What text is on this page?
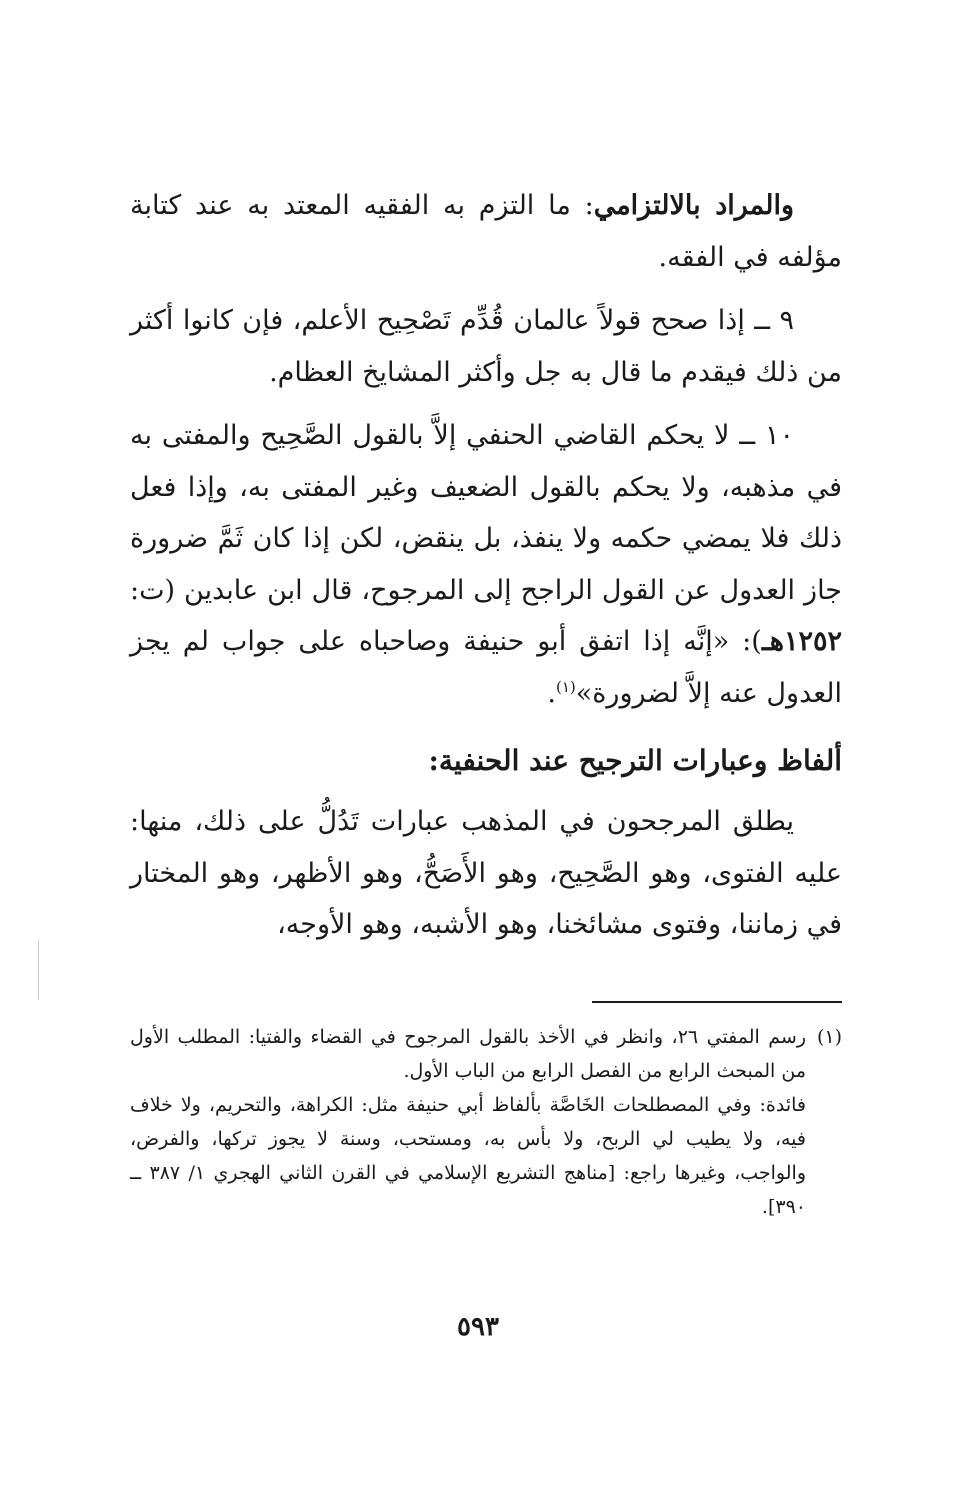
والمراد بالالتزامي: ما التزم به الفقيه المعتد به عند كتابة مؤلفه في الفقه.

٩ ــ إذا صحح قولاً عالمان قُدِّم تَصْحِيح الأعلم، فإن كانوا أكثر من ذلك فيقدم ما قال به جل وأكثر المشايخ العظام.

١٠ ــ لا يحكم القاضي الحنفي إلاَّ بالقول الصَّحِيح والمفتى به في مذهبه، ولا يحكم بالقول الضعيف وغير المفتى به، وإذا فعل ذلك فلا يمضي حكمه ولا ينفذ، بل ينقض، لكن إذا كان ثَمَّ ضرورة جاز العدول عن القول الراجح إلى المرجوح، قال ابن عابدين (ت: ١٢٥٢هـ): «إنَّه إذا اتفق أبو حنيفة وصاحباه على جواب لم يجز العدول عنه إلاَّ لضرورة»$^{(١)}$.

ألفاظ وعبارات الترجيح عند الحنفية:

يطلق المرجحون في المذهب عبارات تَدُلُّ على ذلك، منها: عليه الفتوى، وهو الصَّحِيح، وهو الأَصَحُّ، وهو الأظهر، وهو المختار في زماننا، وفتوى مشائخنا، وهو الأشبه، وهو الأوجه،

(١)
رسم المفتي ٢٦، وانظر في الأخذ بالقول المرجوح في القضاء والفتيا: المطلب الأول من المبحث الرابع من الفصل الرابع من الباب الأول.

فائدة: وفي المصطلحات الخَاصَّة بألفاظ أبي حنيفة مثل: الكراهة، والتحريم، ولا خلاف فيه، ولا يطيب لي الربح، ولا بأس به، ومستحب، وسنة لا يجوز تركها، والفرض، والواجب، وغيرها راجع: [مناهج التشريع الإسلامي في القرن الثاني الهجري ١/ ٣٨٧ ــ ٣٩٠].

٥٩٣
